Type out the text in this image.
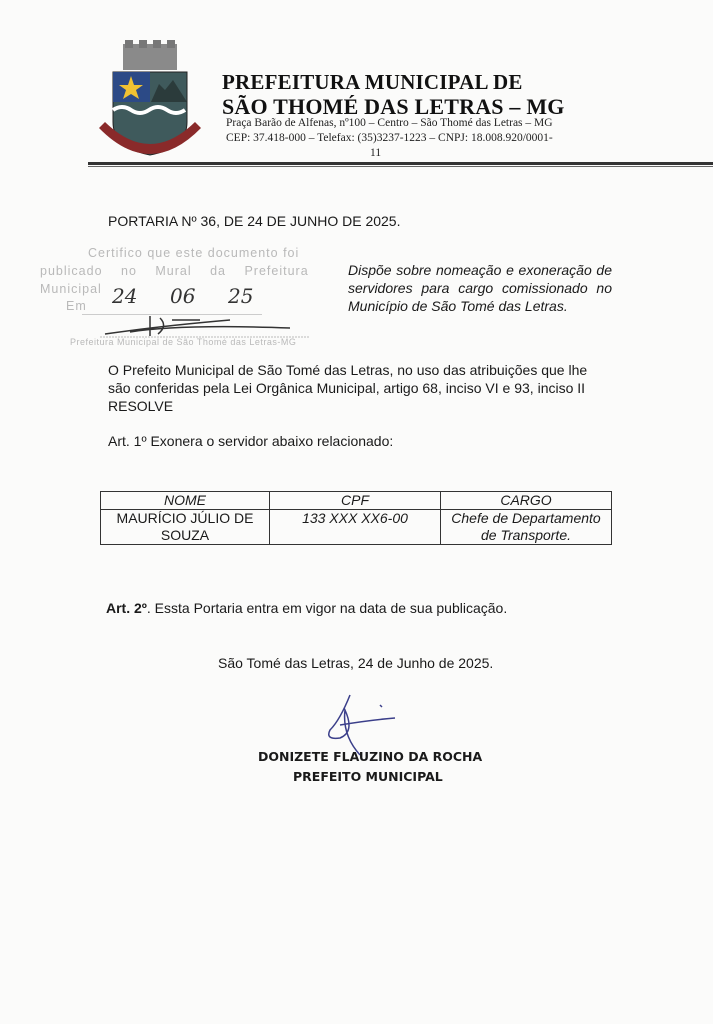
PREFEITURA MUNICIPAL DE
SÃO THOMÉ DAS LETRAS – MG
Praça Barão de Alfenas, nº100 – Centro – São Thomé das Letras – MG
CEP: 37.418-000 – Telefax: (35)3237-1223 – CNPJ: 18.008.920/0001-
11
PORTARIA Nº 36, DE 24 DE JUNHO DE 2025.
Certifico que este documento foi
publicado no Mural da Prefeitura
Municipal
Em 24 06 25
Prefeitura Municipal de São Thomé das Letras-MG
Dispõe sobre nomeação e exoneração de servidores para cargo comissionado no Município de São Tomé das Letras.
O Prefeito Municipal de São Tomé das Letras, no uso das atribuições que lhe
são conferidas pela Lei Orgânica Municipal, artigo 68, inciso VI e 93, inciso II
RESOLVE
Art. 1º Exonera o servidor abaixo relacionado:
NOME	CPF	CARGO
MAURÍCIO JÚLIO DE SOUZA	133 XXX XX6-00	Chefe de Departamento de Transporte.
Art. 2º. Essta Portaria entra em vigor na data de sua publicação.
São Tomé das Letras, 24 de Junho de 2025.
DONIZETE FLAUZINO DA ROCHA
PREFEITO MUNICIPAL
